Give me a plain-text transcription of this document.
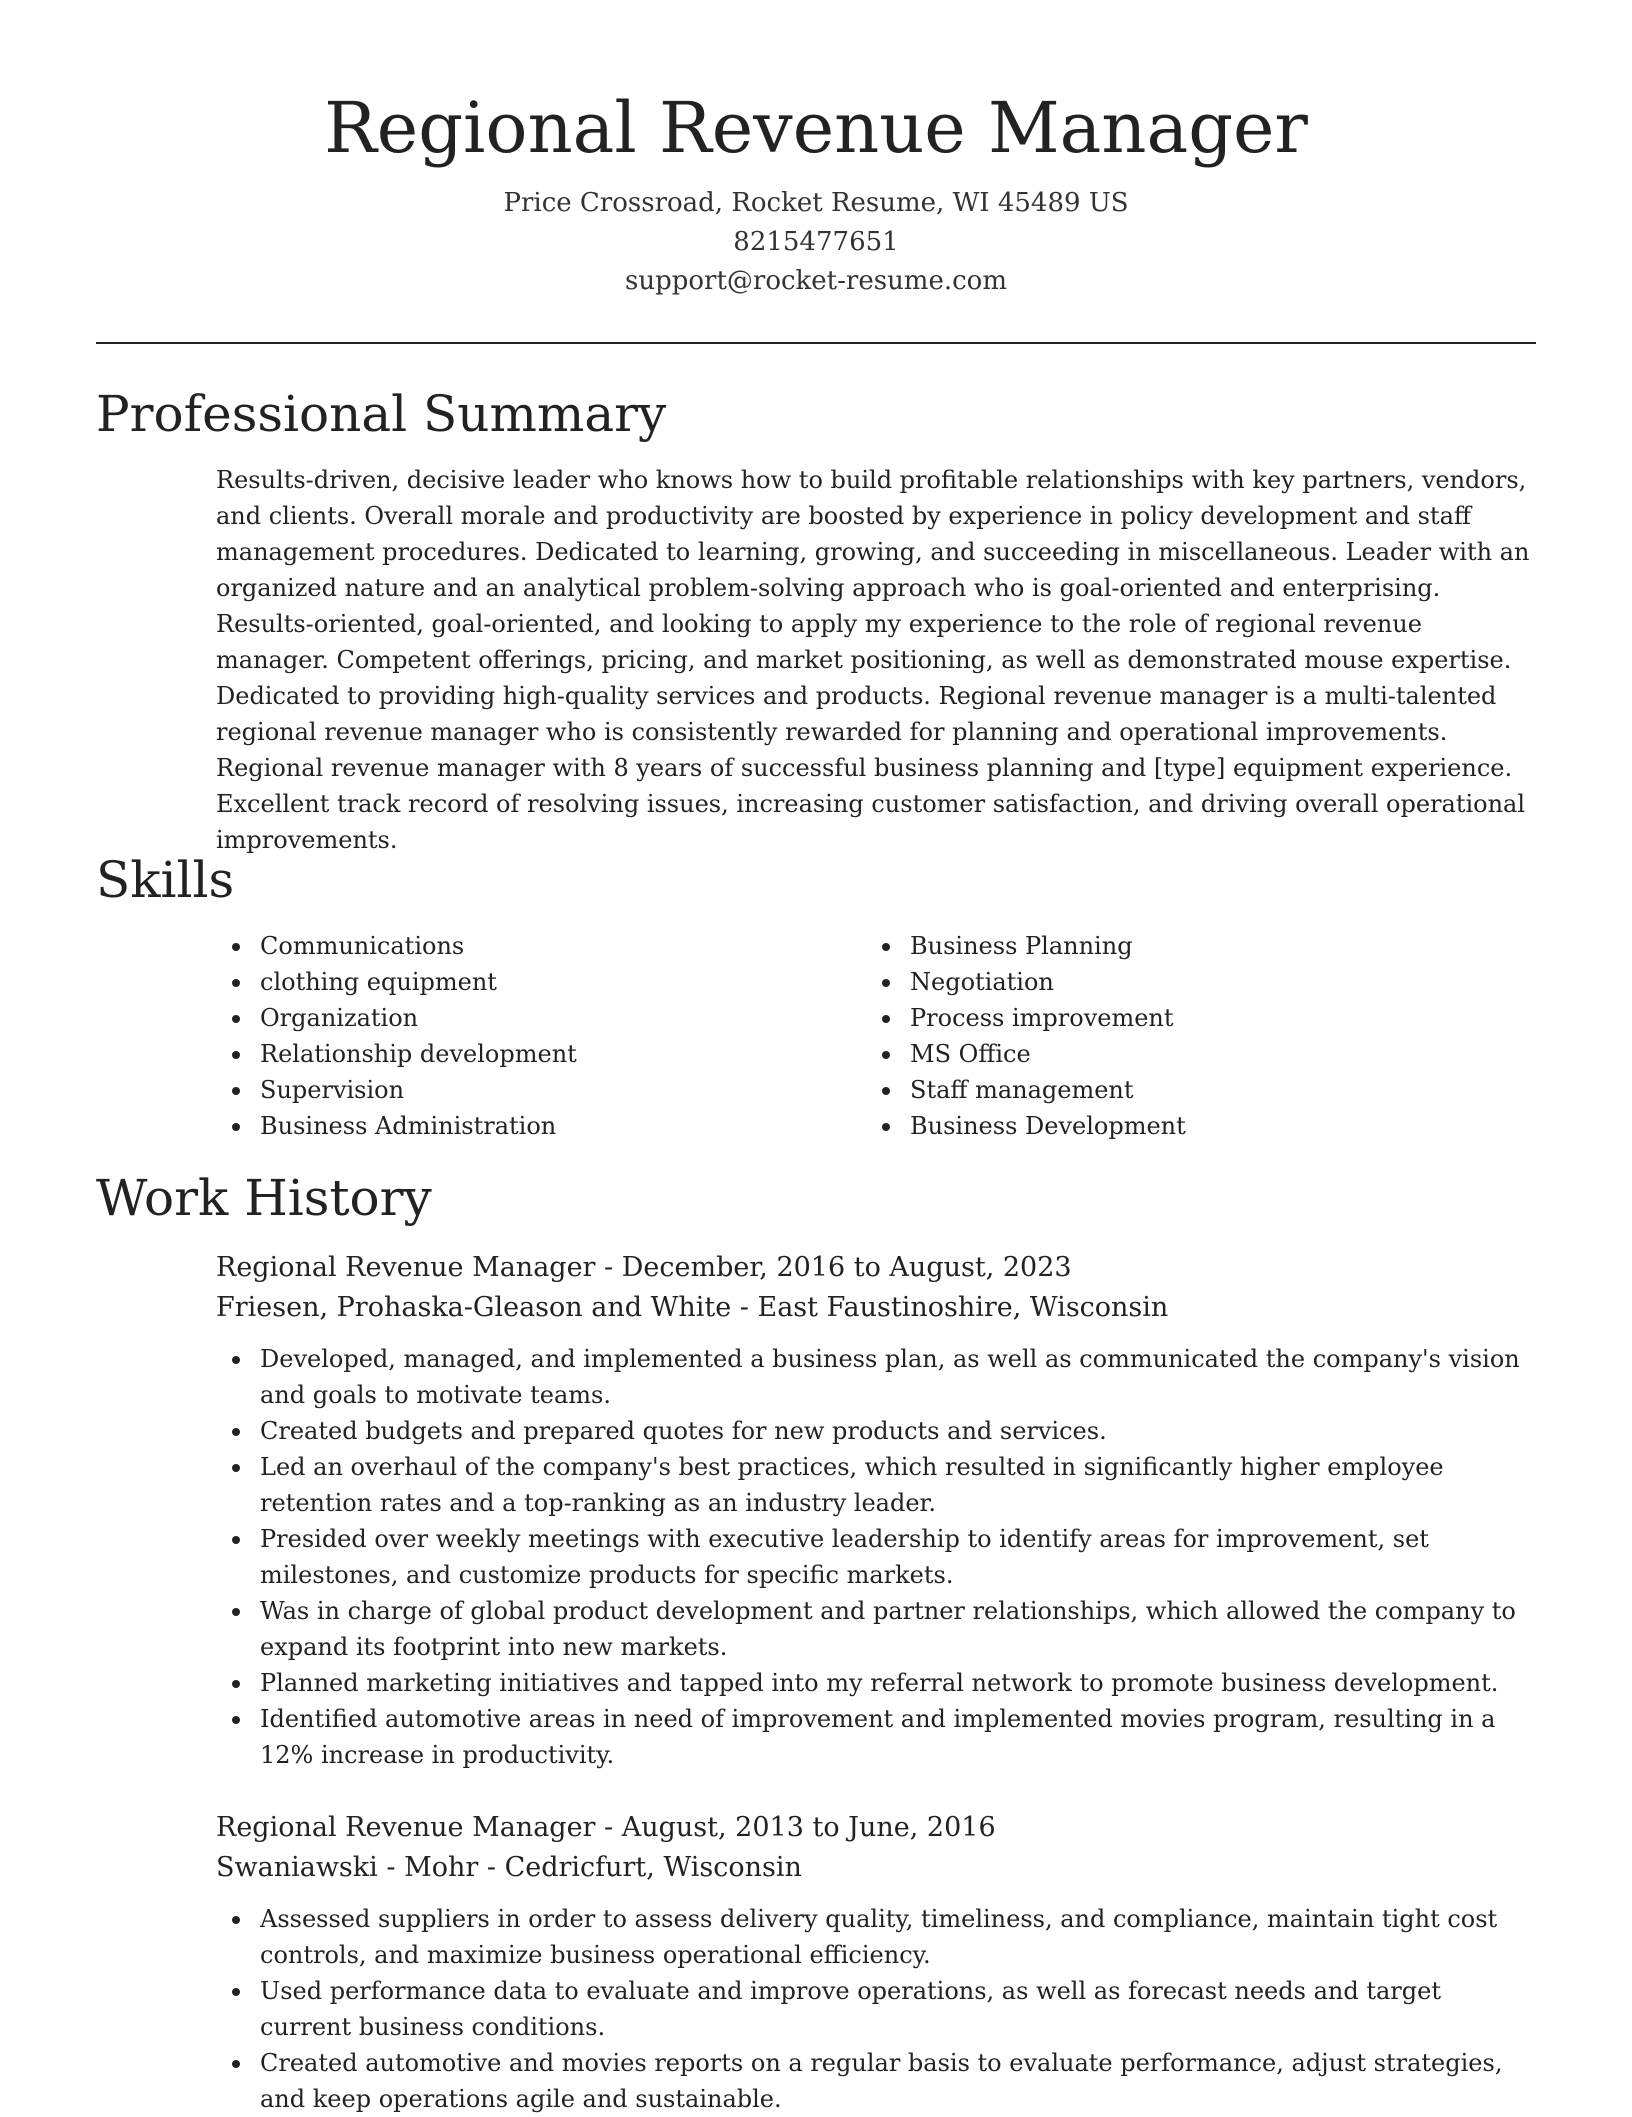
Regional Revenue Manager
Price Crossroad, Rocket Resume, WI 45489 US
8215477651
support@rocket-resume.com
Professional Summary

Results-driven, decisive leader who knows how to build profitable relationships with key partners, vendors, and clients. Overall morale and productivity are boosted by experience in policy development and staff management procedures. Dedicated to learning, growing, and succeeding in miscellaneous. Leader with an organized nature and an analytical problem-solving approach who is goal-oriented and enterprising. Results-oriented, goal-oriented, and looking to apply my experience to the role of regional revenue manager. Competent offerings, pricing, and market positioning, as well as demonstrated mouse expertise. Dedicated to providing high-quality services and products. Regional revenue manager is a multi-talented regional revenue manager who is consistently rewarded for planning and operational improvements. Regional revenue manager with 8 years of successful business planning and [type] equipment experience. Excellent track record of resolving issues, increasing customer satisfaction, and driving overall operational improvements.

Skills
Communications
clothing equipment
Organization
Relationship development
Supervision
Business Administration
Business Planning
Negotiation
Process improvement
MS Office
Staff management
Business Development
Work History
Regional Revenue Manager - December, 2016 to August, 2023
Friesen, Prohaska-Gleason and White - East Faustinoshire, Wisconsin
Developed, managed, and implemented a business plan, as well as communicated the company's vision and goals to motivate teams.
Created budgets and prepared quotes for new products and services.
Led an overhaul of the company's best practices, which resulted in significantly higher employee retention rates and a top-ranking as an industry leader.
Presided over weekly meetings with executive leadership to identify areas for improvement, set milestones, and customize products for specific markets.
Was in charge of global product development and partner relationships, which allowed the company to expand its footprint into new markets.
Planned marketing initiatives and tapped into my referral network to promote business development.
Identified automotive areas in need of improvement and implemented movies program, resulting in a 12% increase in productivity.
Regional Revenue Manager - August, 2013 to June, 2016
Swaniawski - Mohr - Cedricfurt, Wisconsin
Assessed suppliers in order to assess delivery quality, timeliness, and compliance, maintain tight cost controls, and maximize business operational efficiency.
Used performance data to evaluate and improve operations, as well as forecast needs and target current business conditions.
Created automotive and movies reports on a regular basis to evaluate performance, adjust strategies, and keep operations agile and sustainable.
